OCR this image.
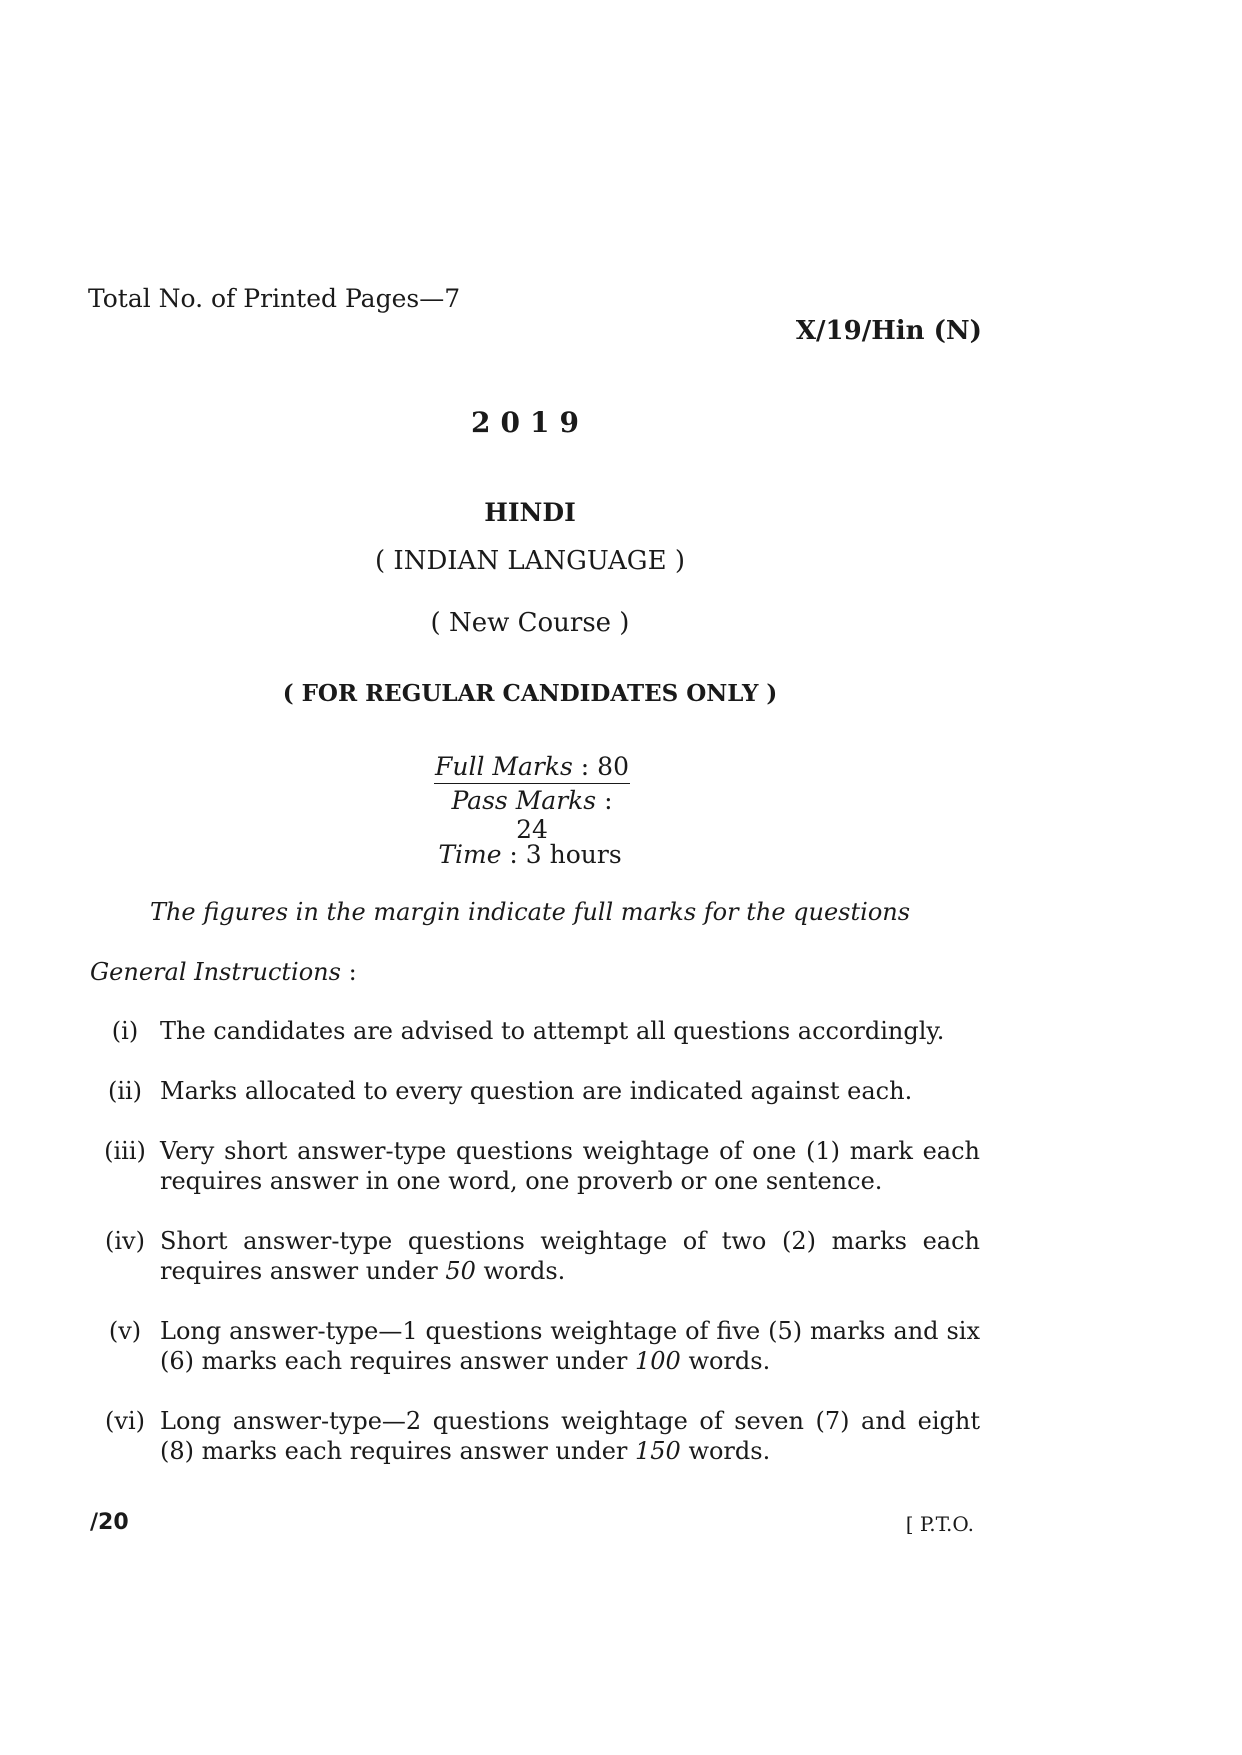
Total No. of Printed Pages—7
X/19/Hin (N)
2019
HINDI
( INDIAN LANGUAGE )
( New Course )
( FOR REGULAR CANDIDATES ONLY )
Full Marks : 80
Pass Marks : 24
Time : 3 hours
The figures in the margin indicate full marks for the questions
General Instructions :
(i) The candidates are advised to attempt all questions accordingly.
(ii) Marks allocated to every question are indicated against each.
(iii) Very short answer-type questions weightage of one (1) mark each requires answer in one word, one proverb or one sentence.
(iv) Short answer-type questions weightage of two (2) marks each requires answer under 50 words.
(v) Long answer-type—1 questions weightage of five (5) marks and six (6) marks each requires answer under 100 words.
(vi) Long answer-type—2 questions weightage of seven (7) and eight (8) marks each requires answer under 150 words.
/20	[ P.T.O.
